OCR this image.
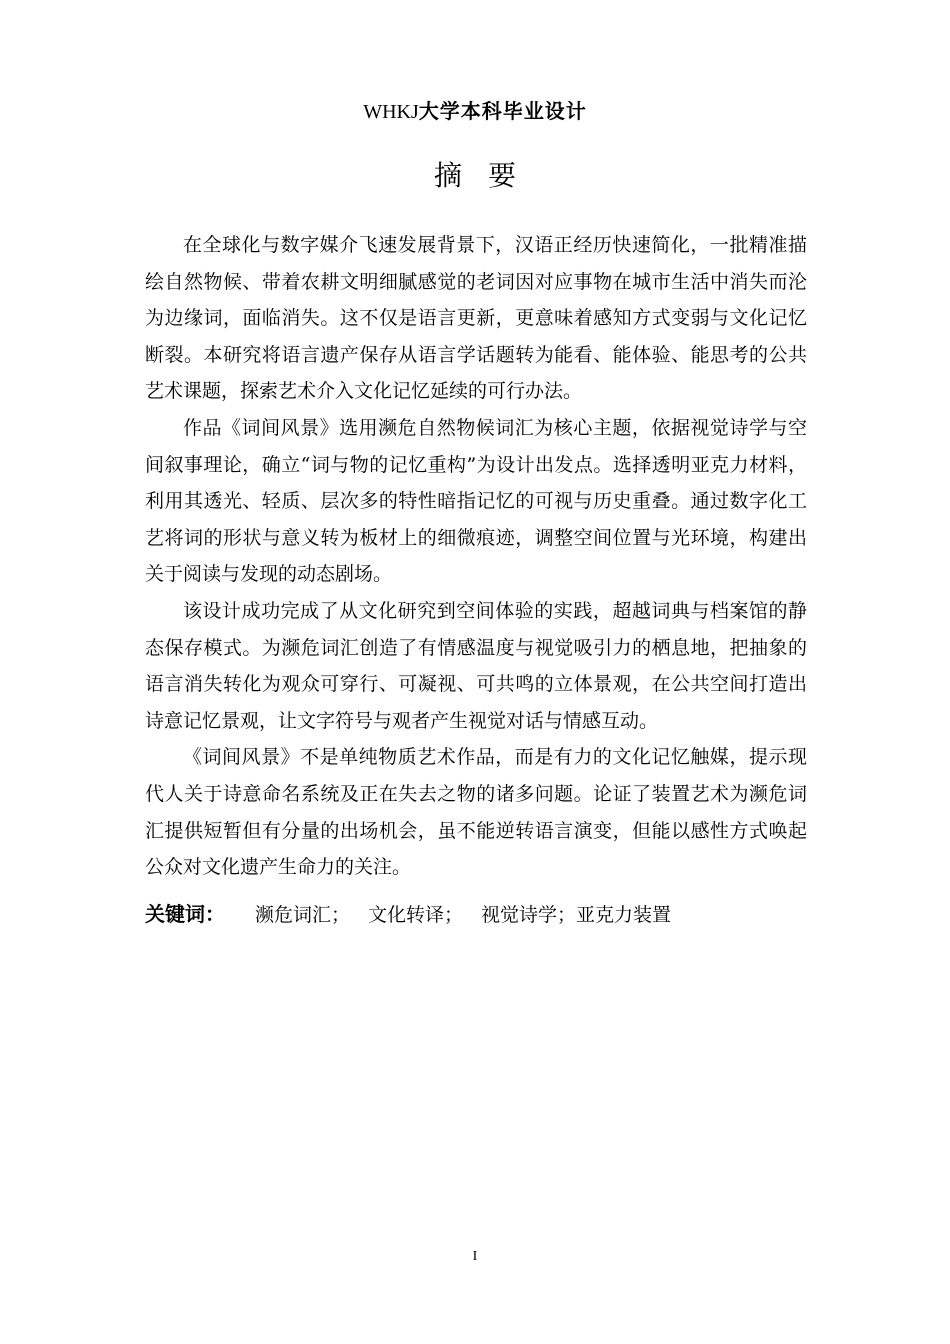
WHKJ大学本科毕业设计
摘要

在全球化与数字媒介飞速发展背景下，汉语正经历快速简化，一批精准描绘自然物候、带着农耕文明细腻感觉的老词因对应事物在城市生活中消失而沦为边缘词，面临消失。这不仅是语言更新，更意味着感知方式变弱与文化记忆断裂。本研究将语言遗产保存从语言学话题转为能看、能体验、能思考的公共艺术课题，探索艺术介入文化记忆延续的可行办法。

作品《词间风景》选用濒危自然物候词汇为核心主题，依据视觉诗学与空间叙事理论，确立“词与物的记忆重构”为设计出发点。选择透明亚克力材料，利用其透光、轻质、层次多的特性暗指记忆的可视与历史重叠。通过数字化工艺将词的形状与意义转为板材上的细微痕迹，调整空间位置与光环境，构建出关于阅读与发现的动态剧场。

该设计成功完成了从文化研究到空间体验的实践，超越词典与档案馆的静态保存模式。为濒危词汇创造了有情感温度与视觉吸引力的栖息地，把抽象的语言消失转化为观众可穿行、可凝视、可共鸣的立体景观，在公共空间打造出诗意记忆景观，让文字符号与观者产生视觉对话与情感互动。

《词间风景》不是单纯物质艺术作品，而是有力的文化记忆触媒，提示现代人关于诗意命名系统及正在失去之物的诸多问题。论证了装置艺术为濒危词汇提供短暂但有分量的出场机会，虽不能逆转语言演变，但能以感性方式唤起公众对文化遗产生命力的关注。

关键词：	濒危词汇； 文化转译； 视觉诗学；亚克力装置
I
